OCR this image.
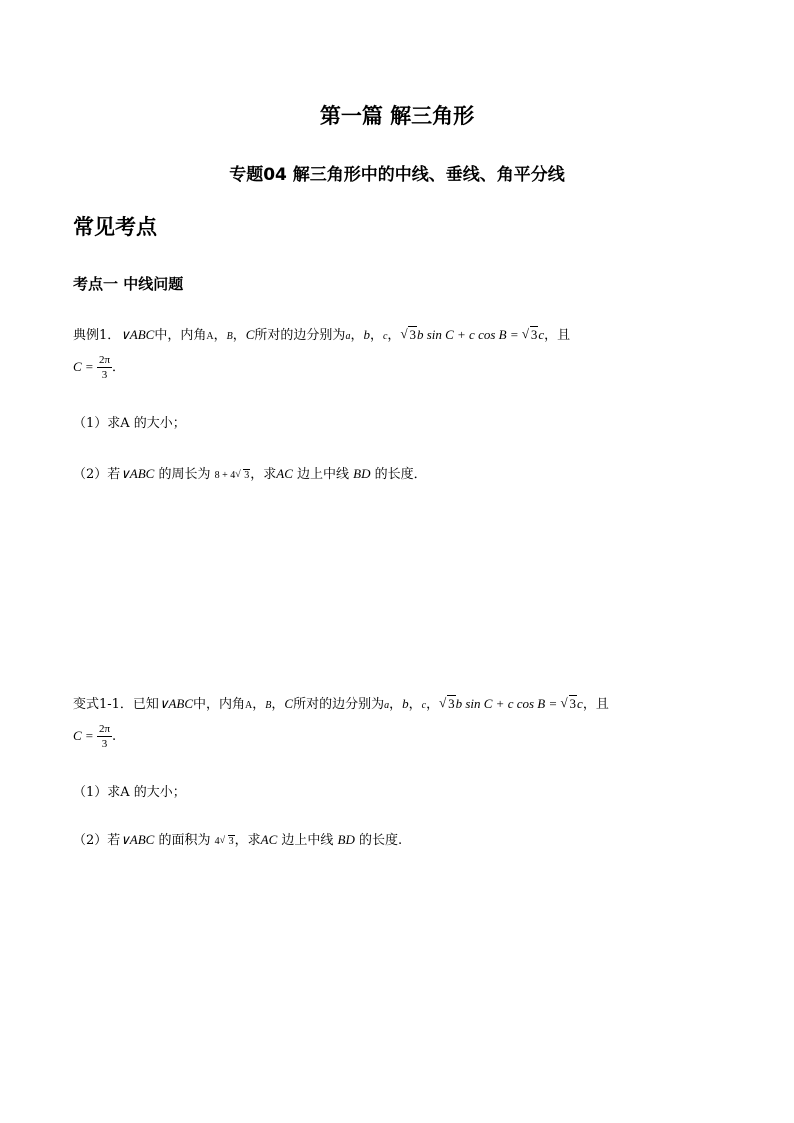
第一篇 解三角形
专题04 解三角形中的中线、垂线、角平分线
常见考点
考点一 中线问题
典例1．∨ABC中，内角A，B，C所对的边分别为a，b，c， √ 3b sin C + c cos B = √ 3c，且
$C = \frac{2\pi}{3}$ ．
（1）求A 的大小；
（2）若∨ABC 的周长为 8 + 4 √ 3，求AC 边上中线 BD 的长度．
变式1-1．已知∨ABC中，内角A，B，C所对的边分别为a，b，c， √ 3b sin C + c cos B = √ 3c，且
$C = \frac{2\pi}{3}$ .
（1）求A 的大小；
（2）若∨ABC 的面积为 4 √ 3，求AC 边上中线 BD 的长度.
